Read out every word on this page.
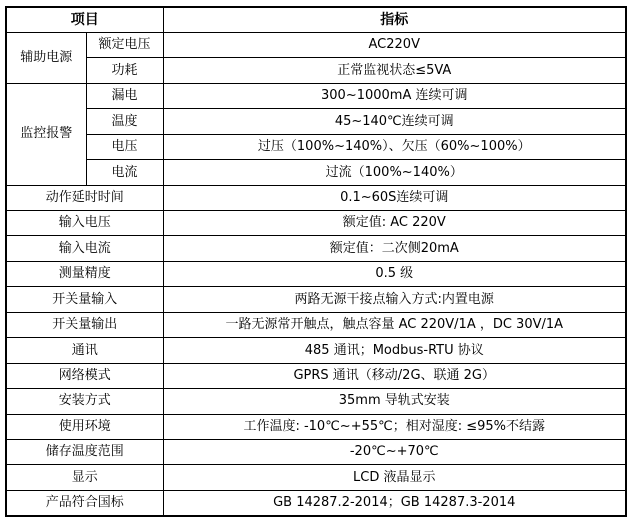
项目		指标
辅助电源	额定电压	AC220V
	功耗	正常监视状态≤5VA
监控报警	漏电	300~1000mA 连续可调
	温度	45~140℃连续可调
	电压	过压（100%~140%）、欠压（60%~100%）
	电流	过流（100%~140%）
动作延时时间		0.1~60S连续可调
输入电压		额定值: AC 220V
输入电流		额定值：二次侧20mA
测量精度		0.5 级
开关量输入		两路无源干接点输入方式:内置电源
开关量输出		一路无源常开触点，触点容量 AC 220V/1A ，DC 30V/1A
通讯		485 通讯；Modbus-RTU 协议
网络模式		GPRS 通讯（移动/2G、联通 2G）
安装方式		35mm 导轨式安装
使用环境		工作温度: -10℃~+55℃；相对湿度: ≤95%不结露
储存温度范围		-20℃~+70℃
显示		LCD 液晶显示
产品符合国标		GB 14287.2-2014；GB 14287.3-2014
